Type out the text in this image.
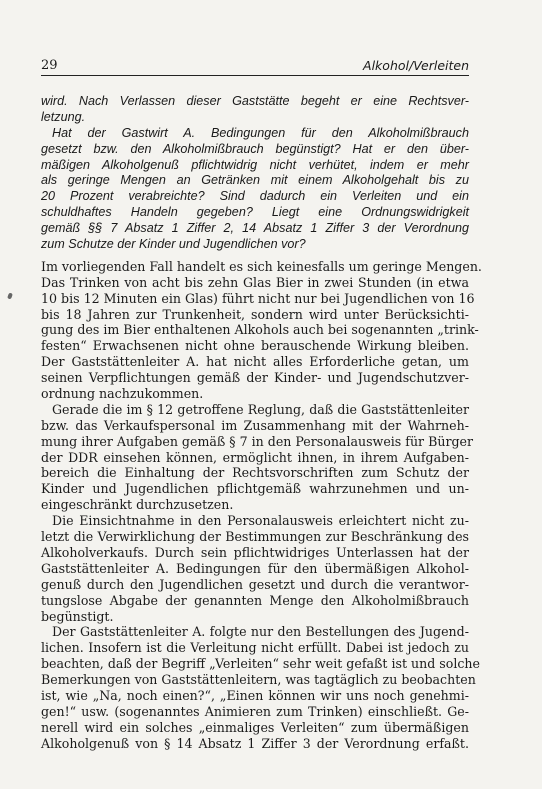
29	Alkohol/Verleiten
wird. Nach Verlassen dieser Gaststätte begeht er eine Rechtsver-
letzung.
Hat der Gastwirt A. Bedingungen für den Alkoholmißbrauch
gesetzt bzw. den Alkoholmißbrauch begünstigt? Hat er den über-
mäßigen Alkoholgenuß pflichtwidrig nicht verhütet, indem er mehr
als geringe Mengen an Getränken mit einem Alkoholgehalt bis zu
20 Prozent verabreichte? Sind dadurch ein Verleiten und ein
schuldhaftes Handeln gegeben? Liegt eine Ordnungswidrigkeit
gemäß §§ 7 Absatz 1 Ziffer 2, 14 Absatz 1 Ziffer 3 der Verordnung
zum Schutze der Kinder und Jugendlichen vor?
Im vorliegenden Fall handelt es sich keinesfalls um geringe Mengen.
Das Trinken von acht bis zehn Glas Bier in zwei Stunden (in etwa
10 bis 12 Minuten ein Glas) führt nicht nur bei Jugendlichen von 16
bis 18 Jahren zur Trunkenheit, sondern wird unter Berücksichti-
gung des im Bier enthaltenen Alkohols auch bei sogenannten „trink-
festen“ Erwachsenen nicht ohne berauschende Wirkung bleiben.
Der Gaststättenleiter A. hat nicht alles Erforderliche getan, um
seinen Verpflichtungen gemäß der Kinder- und Jugendschutzver-
ordnung nachzukommen.
Gerade die im § 12 getroffene Reglung, daß die Gaststättenleiter
bzw. das Verkaufspersonal im Zusammenhang mit der Wahrneh-
mung ihrer Aufgaben gemäß § 7 in den Personalausweis für Bürger
der DDR einsehen können, ermöglicht ihnen, in ihrem Aufgaben-
bereich die Einhaltung der Rechtsvorschriften zum Schutz der
Kinder und Jugendlichen pflichtgemäß wahrzunehmen und un-
eingeschränkt durchzusetzen.
Die Einsichtnahme in den Personalausweis erleichtert nicht zu-
letzt die Verwirklichung der Bestimmungen zur Beschränkung des
Alkoholverkaufs. Durch sein pflichtwidriges Unterlassen hat der
Gaststättenleiter A. Bedingungen für den übermäßigen Alkohol-
genuß durch den Jugendlichen gesetzt und durch die verantwor-
tungslose Abgabe der genannten Menge den Alkoholmißbrauch
begünstigt.
Der Gaststättenleiter A. folgte nur den Bestellungen des Jugend-
lichen. Insofern ist die Verleitung nicht erfüllt. Dabei ist jedoch zu
beachten, daß der Begriff „Verleiten“ sehr weit gefaßt ist und solche
Bemerkungen von Gaststättenleitern, was tagtäglich zu beobachten
ist, wie „Na, noch einen?“, „Einen können wir uns noch genehmi-
gen!“ usw. (sogenanntes Animieren zum Trinken) einschließt. Ge-
nerell wird ein solches „einmaliges Verleiten“ zum übermäßigen
Alkoholgenuß von § 14 Absatz 1 Ziffer 3 der Verordnung erfaßt.
